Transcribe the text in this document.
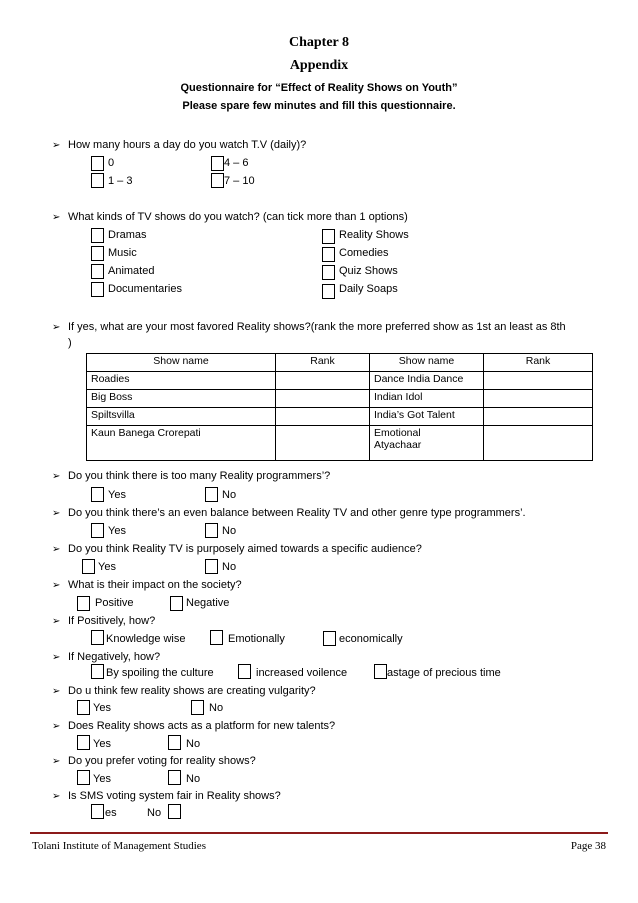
Chapter 8
Appendix
Questionnaire for “Effect of Reality Shows on Youth”
Please spare few minutes and fill this questionnaire.
➢ How many hours a day do you watch T.V (daily)?
0	4 – 6
1 – 3	7 – 10
➢ What kinds of TV shows do you watch? (can tick more than 1 options)
Dramas	Reality Shows
Music	Comedies
Animated	Quiz Shows
Documentaries	Daily Soaps
➢ If yes, what are your most favored Reality shows?(rank the more preferred show as 1st an least as 8th
)
Show name	Rank	Show name	Rank
Roadies		Dance India Dance	
Big Boss		Indian Idol	
Spiltsvilla		India’s Got Talent	
Kaun Banega Crorepati		Emotional
Atyachaar	
➢ Do you think there is too many Reality programmers’?
Yes	No
➢ Do you think there’s an even balance between Reality TV and other genre type programmers’.
Yes	No
➢ Do you think Reality TV is purposely aimed towards a specific audience?
Yes	No
➢ What is their impact on the society?
Positive	Negative
➢ If Positively, how?
Knowledge wise	Emotionally	economically
➢ If Negatively, how?
By spoiling the culture	increased voilence	astage of precious time
➢ Do u think few reality shows are creating vulgarity?
Yes	No
➢ Does Reality shows acts as a platform for new talents?
Yes	No
➢ Do you prefer voting for reality shows?
Yes	No
➢ Is SMS voting system fair in Reality shows?
es	No
Tolani Institute of Management Studies	Page 38
